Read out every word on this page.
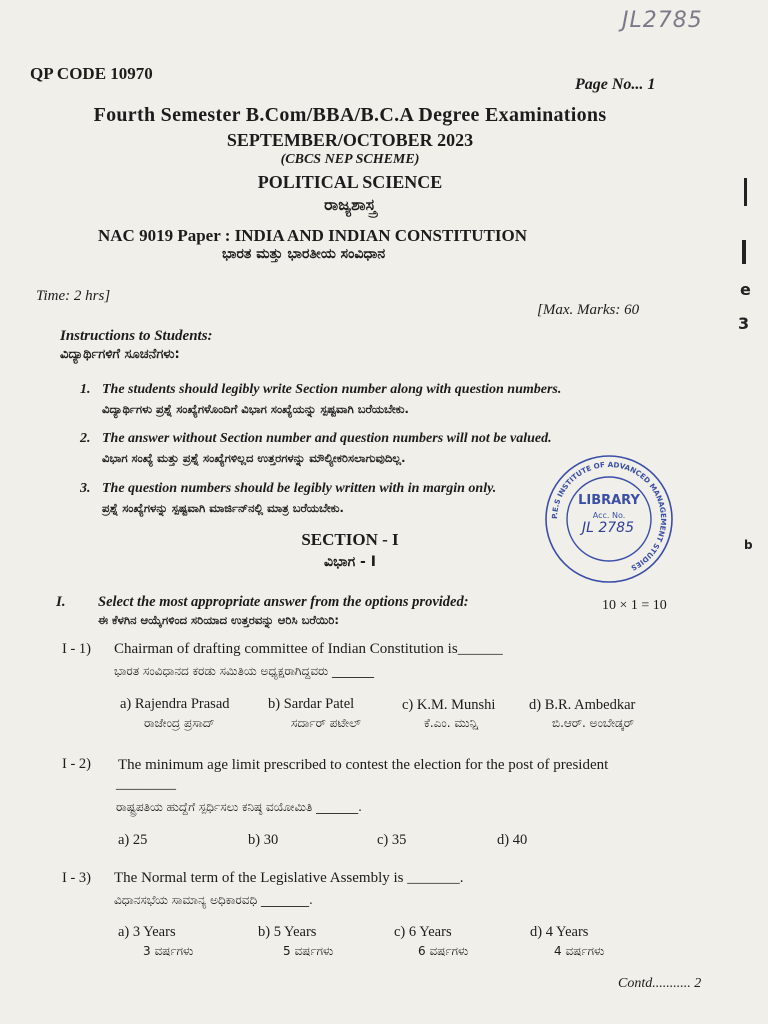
JL2785
QP CODE 10970
Page No... 1
Fourth Semester B.Com/BBA/B.C.A Degree Examinations
SEPTEMBER/OCTOBER 2023
(CBCS NEP SCHEME)
POLITICAL SCIENCE
ರಾಜ್ಯಶಾಸ್ತ್ರ
NAC 9019 Paper : INDIA AND INDIAN CONSTITUTION
ಭಾರತ ಮತ್ತು ಭಾರತೀಯ ಸಂವಿಧಾನ
Time: 2 hrs]
[Max. Marks: 60
Instructions to Students:
ವಿದ್ಯಾರ್ಥಿಗಳಿಗೆ ಸೂಚನೆಗಳು:
1. The students should legibly write Section number along with question numbers.
ವಿದ್ಯಾರ್ಥಿಗಳು ಪ್ರಶ್ನೆ ಸಂಖ್ಯೆಗಳೊಂದಿಗೆ ವಿಭಾಗ ಸಂಖ್ಯೆಯನ್ನು ಸ್ಪಷ್ಟವಾಗಿ ಬರೆಯಬೇಕು.
2. The answer without Section number and question numbers will not be valued.
ವಿಭಾಗ ಸಂಖ್ಯೆ ಮತ್ತು ಪ್ರಶ್ನೆ ಸಂಖ್ಯೆಗಳಿಲ್ಲದ ಉತ್ತರಗಳನ್ನು ಮೌಲ್ಯೀಕರಿಸಲಾಗುವುದಿಲ್ಲ.
3. The question numbers should be legibly written with in margin only.
ಪ್ರಶ್ನೆ ಸಂಖ್ಯೆಗಳನ್ನು ಸ್ಪಷ್ಟವಾಗಿ ಮಾರ್ಜಿನ್‌ನಲ್ಲಿ ಮಾತ್ರ ಬರೆಯಬೇಕು.
P.E.S INSTITUTE OF ADVANCED MANAGEMENT STUDIES
LIBRARY
Acc. No.
JL 2785
SECTION - I
ವಿಭಾಗ - I
I. Select the most appropriate answer from the options provided:
ಈ ಕೆಳಗಿನ ಆಯ್ಕೆಗಳಿಂದ ಸರಿಯಾದ ಉತ್ತರವನ್ನು ಆರಿಸಿ ಬರೆಯಿರಿ:
10 × 1 = 10
I - 1) Chairman of drafting committee of Indian Constitution is______
ಭಾರತ ಸಂವಿಧಾನದ ಕರಡು ಸಮಿತಿಯ ಅಧ್ಯಕ್ಷರಾಗಿದ್ದವರು _______
a) Rajendra Prasad
ರಾಜೇಂದ್ರ ಪ್ರಸಾದ್
b) Sardar Patel
ಸರ್ದಾರ್ ಪಟೇಲ್
c) K.M. Munshi
ಕೆ.ಎಂ. ಮುನ್ಷಿ
d) B.R. Ambedkar
ಬಿ.ಆರ್. ಅಂಬೇಡ್ಕರ್
I - 2) The minimum age limit prescribed to contest the election for the post of president
________
ರಾಷ್ಟ್ರಪತಿಯ ಹುದ್ದೆಗೆ ಸ್ಪರ್ಧಿಸಲು ಕನಿಷ್ಠ ವಯೋಮಿತಿ _______.
a) 25	b) 30	c) 35	d) 40
I - 3) The Normal term of the Legislative Assembly is _______.
ವಿಧಾನಸಭೆಯ ಸಾಮಾನ್ಯ ಅಧಿಕಾರವಧಿ ________.
a) 3 Years
3 ವರ್ಷಗಳು
b) 5 Years
5 ವರ್ಷಗಳು
c) 6 Years
6 ವರ್ಷಗಳು
d) 4 Years
4 ವರ್ಷಗಳು
Contd........... 2
e
3
b
